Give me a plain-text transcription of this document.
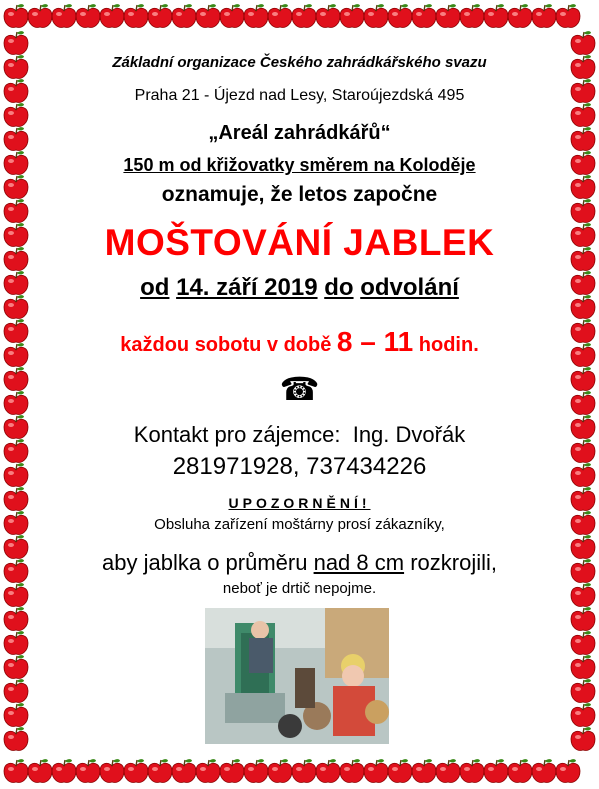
Základní organizace Českého zahrádkářského svazu
Praha 21 - Újezd nad Lesy, Staroújezdská 495
„Areál zahrádkářů“
150 m od křižovatky směrem na Koloděje
oznamuje, že letos započne
MOŠTOVÁNÍ JABLEK
od 14. září 2019 do odvolání
každou sobotu v době 8 – 11 hodin.
☎
Kontakt pro zájemce: Ing. Dvořák
281971928, 737434226
UPOZORNĚNÍ!
Obsluha zařízení moštárny prosí zákazníky,
aby jablka o průměru nad 8 cm rozkrojili,
neboť je drtič nepojme.
